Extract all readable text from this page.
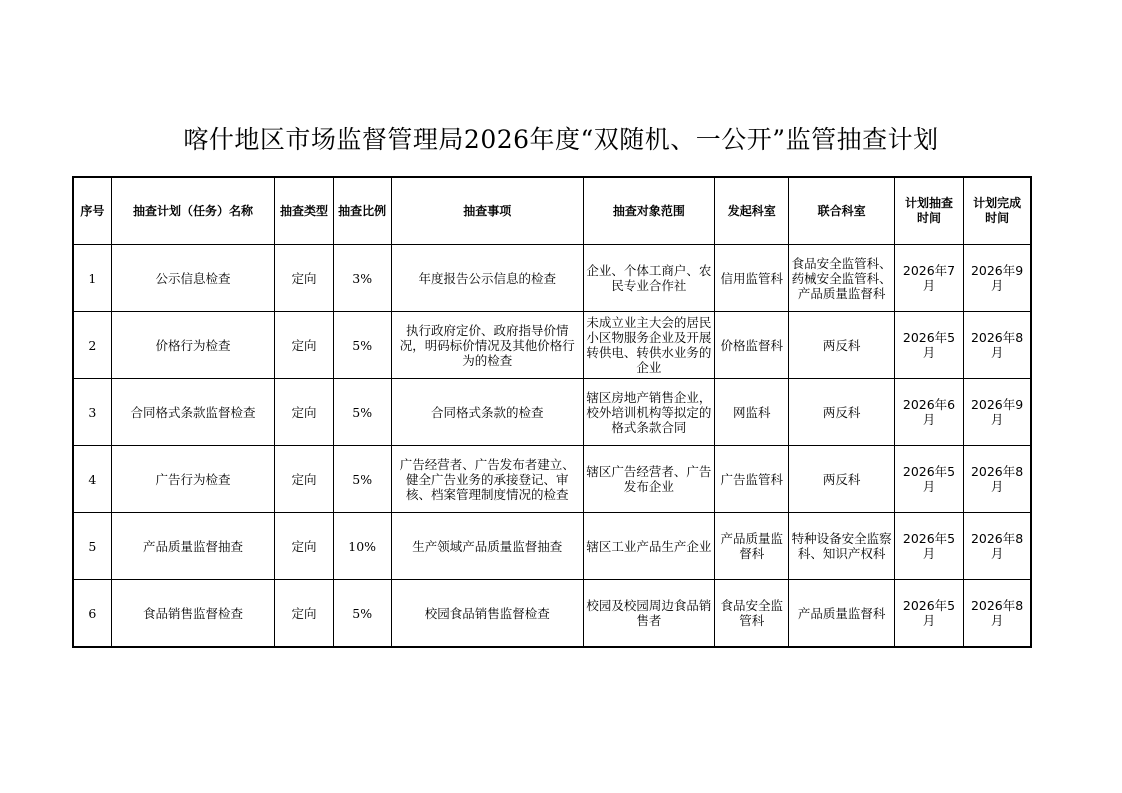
喀什地区市场监督管理局2026年度“双随机、一公开”监管抽查计划
序号	抽查计划（任务）名称	抽查类型	抽查比例	抽查事项	抽查对象范围	发起科室	联合科室	计划抽查时间	计划完成时间
1	公示信息检查	定向	3%	年度报告公示信息的检查	企业、个体工商户、农民专业合作社	信用监管科	食品安全监管科、药械安全监管科、产品质量监督科	2026年7月	2026年9月
2	价格行为检查	定向	5%	执行政府定价、政府指导价情况，明码标价情况及其他价格行为的检查	未成立业主大会的居民小区物服务企业及开展转供电、转供水业务的企业	价格监督科	两反科	2026年5月	2026年8月
3	合同格式条款监督检查	定向	5%	合同格式条款的检查	辖区房地产销售企业，校外培训机构等拟定的格式条款合同	网监科	两反科	2026年6月	2026年9月
4	广告行为检查	定向	5%	广告经营者、广告发布者建立、健全广告业务的承接登记、审核、档案管理制度情况的检查	辖区广告经营者、广告发布企业	广告监管科	两反科	2026年5月	2026年8月
5	产品质量监督抽查	定向	10%	生产领域产品质量监督抽查	辖区工业产品生产企业	产品质量监督科	特种设备安全监察科、知识产权科	2026年5月	2026年8月
6	食品销售监督检查	定向	5%	校园食品销售监督检查	校园及校园周边食品销售者	食品安全监管科	产品质量监督科	2026年5月	2026年8月
